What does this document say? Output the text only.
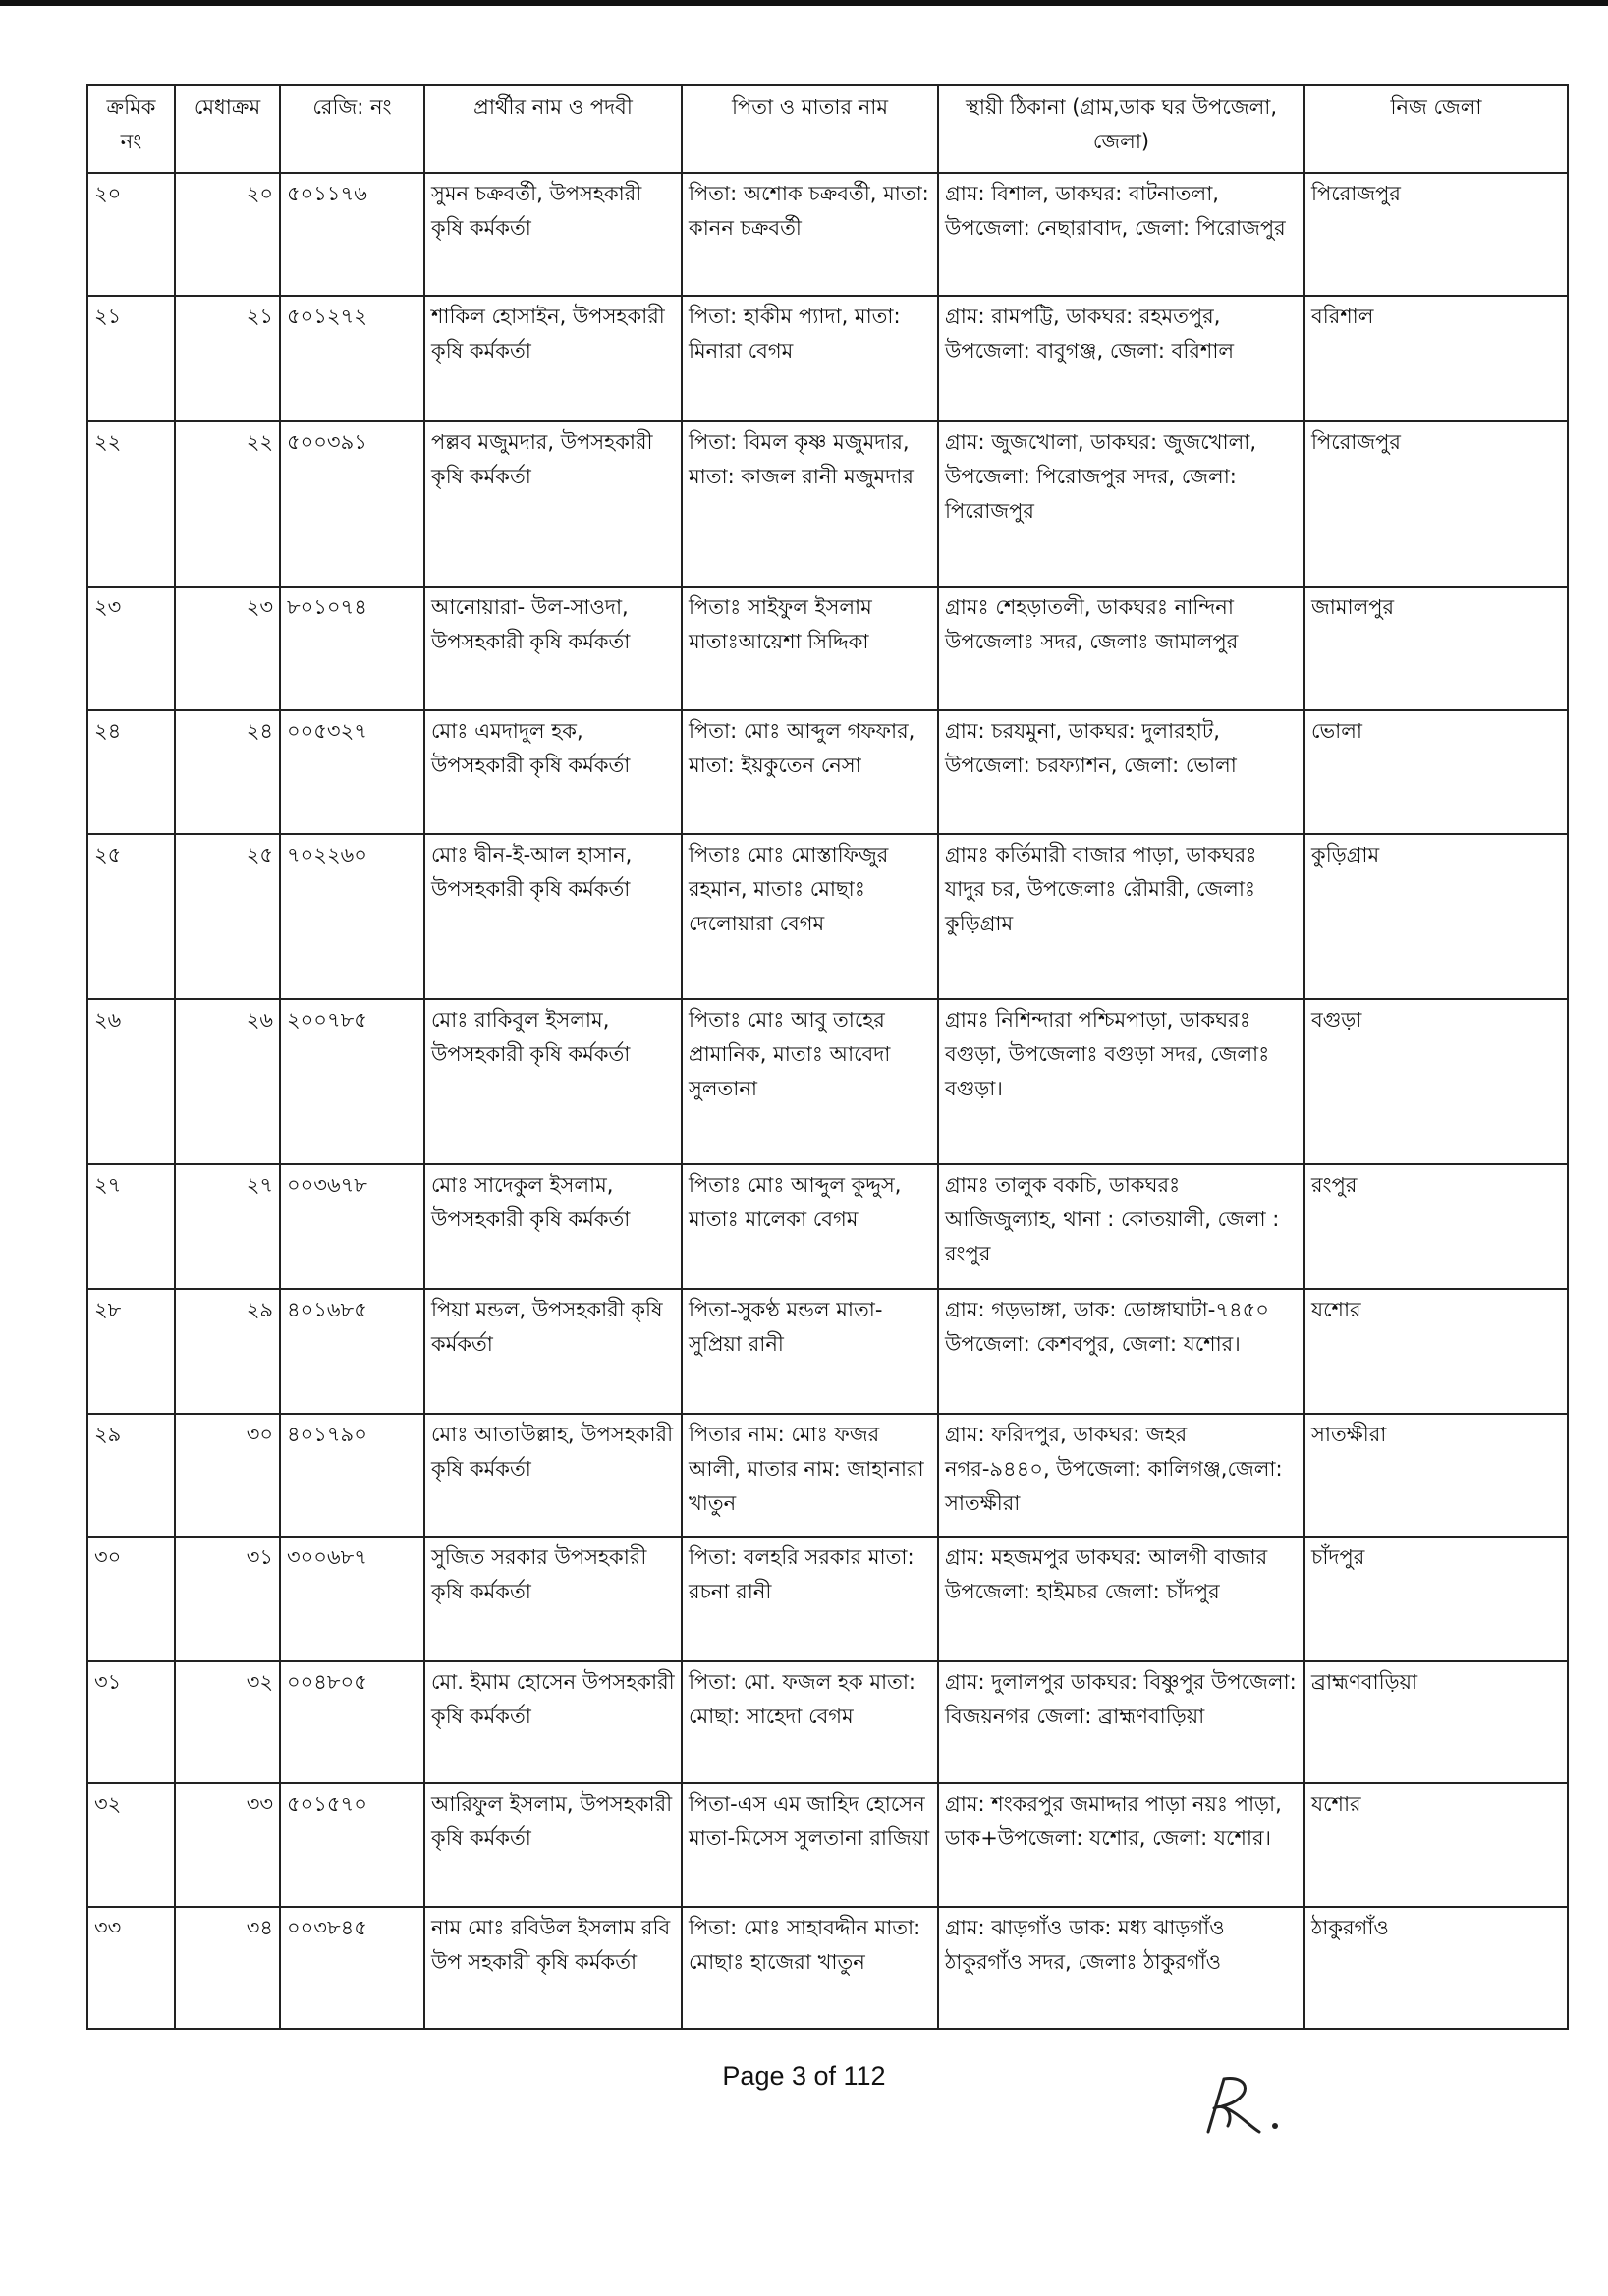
ক্রমিক নং	মেধাক্রম	রেজি: নং	প্রার্থীর নাম ও পদবী	পিতা ও মাতার নাম	স্থায়ী ঠিকানা (গ্রাম,ডাক ঘর উপজেলা, জেলা)	নিজ জেলা
২০	২০	৫০১১৭৬	সুমন চক্রবর্তী, উপসহকারী কৃষি কর্মকর্তা	পিতা: অশোক চক্রবর্তী, মাতা: কানন চক্রবর্তী	গ্রাম: বিশাল, ডাকঘর: বাটনাতলা, উপজেলা: নেছারাবাদ, জেলা: পিরোজপুর	পিরোজপুর
২১	২১	৫০১২৭২	শাকিল হোসাইন, উপসহকারী কৃষি কর্মকর্তা	পিতা: হাকীম প্যাদা, মাতা: মিনারা বেগম	গ্রাম: রামপট্টি, ডাকঘর: রহমতপুর, উপজেলা: বাবুগঞ্জ, জেলা: বরিশাল	বরিশাল
২২	২২	৫০০৩৯১	পল্লব মজুমদার, উপসহকারী কৃষি কর্মকর্তা	পিতা: বিমল কৃষ্ণ মজুমদার, মাতা: কাজল রানী মজুমদার	গ্রাম: জুজখোলা, ডাকঘর: জুজখোলা, উপজেলা: পিরোজপুর সদর, জেলা: পিরোজপুর	পিরোজপুর
২৩	২৩	৮০১০৭৪	আনোয়ারা- উল-সাওদা, উপসহকারী কৃষি কর্মকর্তা	পিতাঃ সাইফুল ইসলাম মাতাঃআয়েশা সিদ্দিকা	গ্রামঃ শেহড়াতলী, ডাকঘরঃ নান্দিনা উপজেলাঃ সদর, জেলাঃ জামালপুর	জামালপুর
২৪	২৪	০০৫৩২৭	মোঃ এমদাদুল হক, উপসহকারী কৃষি কর্মকর্তা	পিতা: মোঃ আব্দুল গফফার, মাতা: ইয়কুতেন নেসা	গ্রাম: চরযমুনা, ডাকঘর: দুলারহাট, উপজেলা: চরফ্যাশন, জেলা: ভোলা	ভোলা
২৫	২৫	৭০২২৬০	মোঃ দ্বীন-ই-আল হাসান, উপসহকারী কৃষি কর্মকর্তা	পিতাঃ মোঃ মোস্তাফিজুর রহমান, মাতাঃ মোছাঃ দেলোয়ারা বেগম	গ্রামঃ কর্তিমারী বাজার পাড়া, ডাকঘরঃ যাদুর চর, উপজেলাঃ রৌমারী, জেলাঃ কুড়িগ্রাম	কুড়িগ্রাম
২৬	২৬	২০০৭৮৫	মোঃ রাকিবুল ইসলাম, উপসহকারী কৃষি কর্মকর্তা	পিতাঃ মোঃ আবু তাহের প্রামানিক, মাতাঃ আবেদা সুলতানা	গ্রামঃ নিশিন্দারা পশ্চিমপাড়া, ডাকঘরঃ বগুড়া, উপজেলাঃ বগুড়া সদর, জেলাঃ বগুড়া।	বগুড়া
২৭	২৭	০০৩৬৭৮	মোঃ সাদেকুল ইসলাম, উপসহকারী কৃষি কর্মকর্তা	পিতাঃ মোঃ আব্দুল কুদ্দুস, মাতাঃ মালেকা বেগম	গ্রামঃ তালুক বকচি, ডাকঘরঃ আজিজুল্যাহ, থানা : কোতয়ালী, জেলা : রংপুর	রংপুর
২৮	২৯	৪০১৬৮৫	পিয়া মন্ডল, উপসহকারী কৃষি কর্মকর্তা	পিতা-সুকণ্ঠ মন্ডল মাতা-সুপ্রিয়া রানী	গ্রাম: গড়ভাঙ্গা, ডাক: ডোঙ্গাঘাটা-৭৪৫০ উপজেলা: কেশবপুর, জেলা: যশোর।	যশোর
২৯	৩০	৪০১৭৯০	মোঃ আতাউল্লাহ, উপসহকারী কৃষি কর্মকর্তা	পিতার নাম: মোঃ ফজর আলী, মাতার নাম: জাহানারা খাতুন	গ্রাম: ফরিদপুর, ডাকঘর: জহর নগর-৯৪৪০, উপজেলা: কালিগঞ্জ,জেলা: সাতক্ষীরা	সাতক্ষীরা
৩০	৩১	৩০০৬৮৭	সুজিত সরকার উপসহকারী কৃষি কর্মকর্তা	পিতা: বলহরি সরকার মাতা: রচনা রানী	গ্রাম: মহজমপুর ডাকঘর: আলগী বাজার উপজেলা: হাইমচর জেলা: চাঁদপুর	চাঁদপুর
৩১	৩২	০০৪৮০৫	মো. ইমাম হোসেন উপসহকারী কৃষি কর্মকর্তা	পিতা: মো. ফজল হক মাতা: মোছা: সাহেদা বেগম	গ্রাম: দুলালপুর ডাকঘর: বিষ্ণুপুর উপজেলা: বিজয়নগর জেলা: ব্রাহ্মণবাড়িয়া	ব্রাহ্মণবাড়িয়া
৩২	৩৩	৫০১৫৭০	আরিফুল ইসলাম, উপসহকারী কৃষি কর্মকর্তা	পিতা-এস এম জাহিদ হোসেন মাতা-মিসেস সুলতানা রাজিয়া	গ্রাম: শংকরপুর জমাদ্দার পাড়া নয়ঃ পাড়া, ডাক+উপজেলা: যশোর, জেলা: যশোর।	যশোর
৩৩	৩৪	০০৩৮৪৫	নাম মোঃ রবিউল ইসলাম রবি উপ সহকারী কৃষি কর্মকর্তা	পিতা: মোঃ সাহাবদ্দীন মাতা: মোছাঃ হাজেরা খাতুন	গ্রাম: ঝাড়গাঁও ডাক: মধ্য ঝাড়গাঁও ঠাকুরগাঁও সদর, জেলাঃ ঠাকুরগাঁও	ঠাকুরগাঁও
Page 3 of 112
